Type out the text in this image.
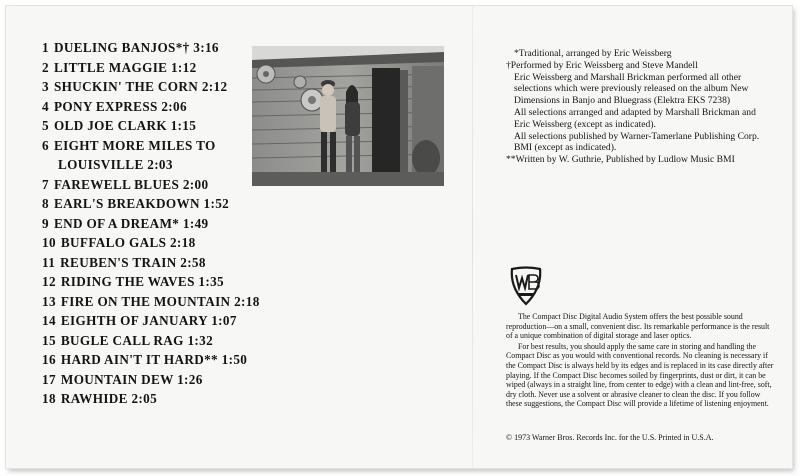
1 DUELING BANJOS*† 3:16
2 LITTLE MAGGIE 1:12
3 SHUCKIN' THE CORN 2:12
4 PONY EXPRESS 2:06
5 OLD JOE CLARK 1:15
6 EIGHT MORE MILES TO
LOUISVILLE 2:03
7 FAREWELL BLUES 2:00
8 EARL'S BREAKDOWN 1:52
9 END OF A DREAM* 1:49
10 BUFFALO GALS 2:18
11 REUBEN'S TRAIN 2:58
12 RIDING THE WAVES 1:35
13 FIRE ON THE MOUNTAIN 2:18
14 EIGHTH OF JANUARY 1:07
15 BUGLE CALL RAG 1:32
16 HARD AIN'T IT HARD** 1:50
17 MOUNTAIN DEW 1:26
18 RAWHIDE 2:05

*Traditional, arranged by Eric Weissberg

†Performed by Eric Weissberg and Steve Mandell

Eric Weissberg and Marshall Brickman performed all other selections which were previously released on the album New Dimensions in Banjo and Bluegrass (Elektra EKS 7238)

All selections arranged and adapted by Marshall Brickman and Eric Weissberg (except as indicated).

All selections published by Warner-Tamerlane Publishing Corp. BMI (except as indicated).

**Written by W. Guthrie, Published by Ludlow Music BMI

The Compact Disc Digital Audio System offers the best possible sound reproduction—on a small, convenient disc. Its remarkable performance is the result of a unique combination of digital storage and laser optics.

For best results, you should apply the same care in storing and handling the Compact Disc as you would with conventional records. No cleaning is necessary if the Compact Disc is always held by its edges and is replaced in its case directly after playing. If the Compact Disc becomes soiled by fingerprints, dust or dirt, it can be wiped (always in a straight line, from center to edge) with a clean and lint-free, soft, dry cloth. Never use a solvent or abrasive cleaner to clean the disc. If you follow these suggestions, the Compact Disc will provide a lifetime of listening enjoyment.

© 1973 Warner Bros. Records Inc. for the U.S. Printed in U.S.A.
